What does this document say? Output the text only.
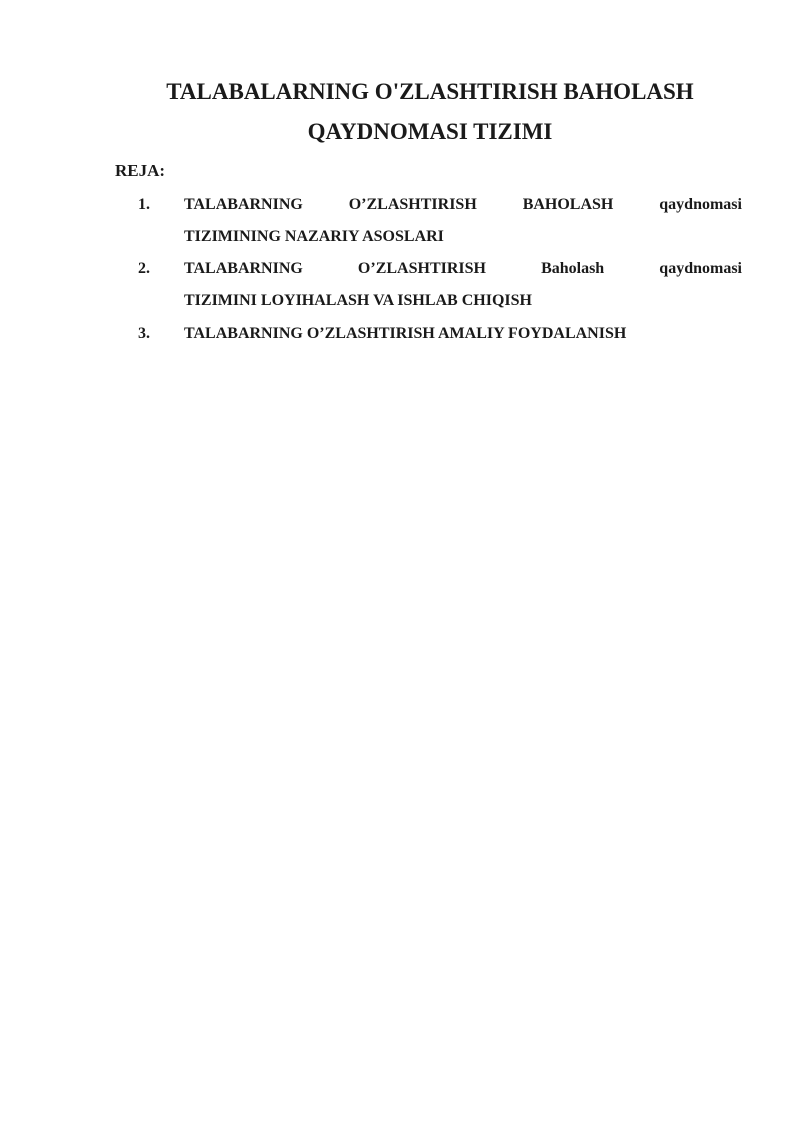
TALABALARNING O'ZLASHTIRISH BAHOLASH
QAYDNOMASI TIZIMI

REJA:

1. TALABARNING	O’ZLASHTIRISH	BAHOLASH	qaydnomasi
TIZIMINING NAZARIY ASOSLARI
2. TALABARNING	O’ZLASHTIRISH	Baholash	qaydnomasi
TIZIMINI LOYIHALASH VA ISHLAB CHIQISH
3. TALABARNING O’ZLASHTIRISH AMALIY FOYDALANISH
